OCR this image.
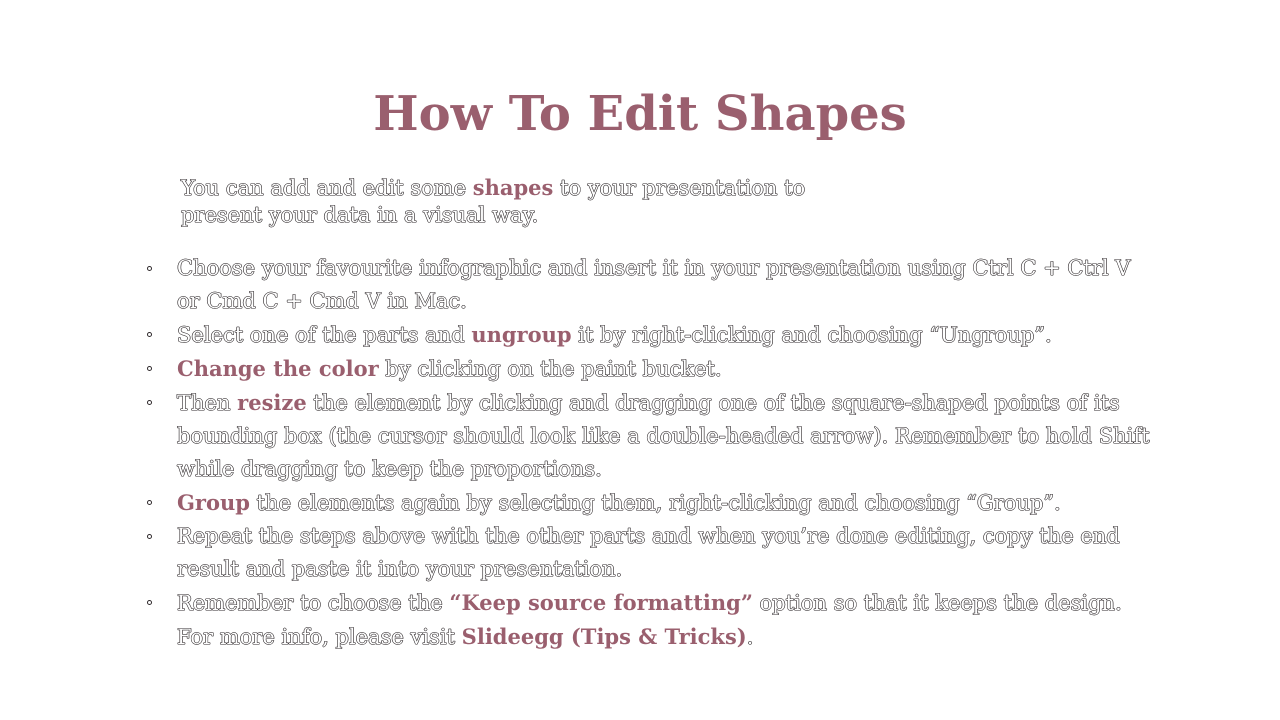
How To Edit Shapes

You can add and edit some shapes to your presentation to
present your data in a visual way.

Choose your favourite infographic and insert it in your presentation using Ctrl C + Ctrl V or Cmd C + Cmd V in Mac.
Select one of the parts and ungroup it by right-clicking and choosing “Ungroup”.
Change the color by clicking on the paint bucket.
Then resize the element by clicking and dragging one of the square-shaped points of its bounding box (the cursor should look like a double-headed arrow). Remember to hold Shift while dragging to keep the proportions.
Group the elements again by selecting them, right-clicking and choosing “Group”.
Repeat the steps above with the other parts and when you’re done editing, copy the end result and paste it into your presentation.
Remember to choose the “Keep source formatting” option so that it keeps the design. For more info, please visit Slideegg (Tips & Tricks).
